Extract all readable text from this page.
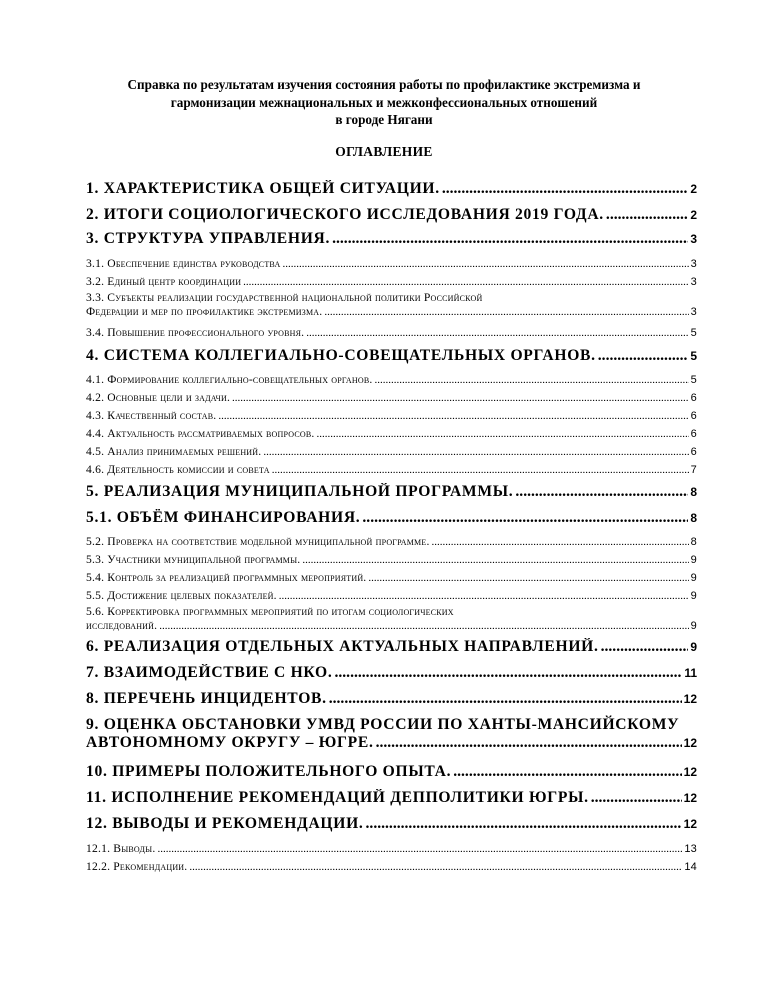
Справка по результатам изучения состояния работы по профилактике экстремизма и
гармонизации межнациональных и межконфессиональных отношений
в городе Нягани
ОГЛАВЛЕНИЕ
1. ХАРАКТЕРИСТИКА ОБЩЕЙ СИТУАЦИИ. .....	2
2. ИТОГИ СОЦИОЛОГИЧЕСКОГО ИССЛЕДОВАНИЯ 2019 ГОДА. .....	2
3. СТРУКТУРА УПРАВЛЕНИЯ. .....	3
3.1. Обеспечение единства руководства .....	3
3.2. Единый центр координации .....	3
3.3. Субъекты реализации государственной национальной политики Российской
Федерации и мер по профилактике экстремизма. .....	3
3.4. Повышение профессионального уровня. .....	5
4. СИСТЕМА КОЛЛЕГИАЛЬНО-СОВЕЩАТЕЛЬНЫХ ОРГАНОВ. .....	5
4.1. Формирование коллегиально-совещательных органов. .....	5
4.2. Основные цели и задачи. .....	6
4.3. Качественный состав. .....	6
4.4. Актуальность рассматриваемых вопросов. .....	6
4.5. Анализ принимаемых решений. .....	6
4.6. Деятельность комиссии и совета .....	7
5. РЕАЛИЗАЦИЯ МУНИЦИПАЛЬНОЙ ПРОГРАММЫ. .....	8
5.1. ОБЪЁМ ФИНАНСИРОВАНИЯ. .....	8
5.2. Проверка на соответствие модельной муниципальной программе. .....	8
5.3. Участники муниципальной программы. .....	9
5.4. Контроль за реализацией программных мероприятий. .....	9
5.5. Достижение целевых показателей. .....	9
5.6. Корректировка программных мероприятий по итогам социологических
исследований. .....	9
6. РЕАЛИЗАЦИЯ ОТДЕЛЬНЫХ АКТУАЛЬНЫХ НАПРАВЛЕНИЙ. .....	9
7. ВЗАИМОДЕЙСТВИЕ С НКО. .....	11
8. ПЕРЕЧЕНЬ ИНЦИДЕНТОВ. .....	12
9. ОЦЕНКА ОБСТАНОВКИ УМВД РОССИИ ПО ХАНТЫ-МАНСИЙСКОМУ
АВТОНОМНОМУ ОКРУГУ – ЮГРЕ. .....	12
10. ПРИМЕРЫ ПОЛОЖИТЕЛЬНОГО ОПЫТА. .....	12
11. ИСПОЛНЕНИЕ РЕКОМЕНДАЦИЙ ДЕППОЛИТИКИ ЮГРЫ. .....	12
12. ВЫВОДЫ И РЕКОМЕНДАЦИИ. .....	12
12.1. Выводы. .....	13
12.2. Рекомендации. .....	14
